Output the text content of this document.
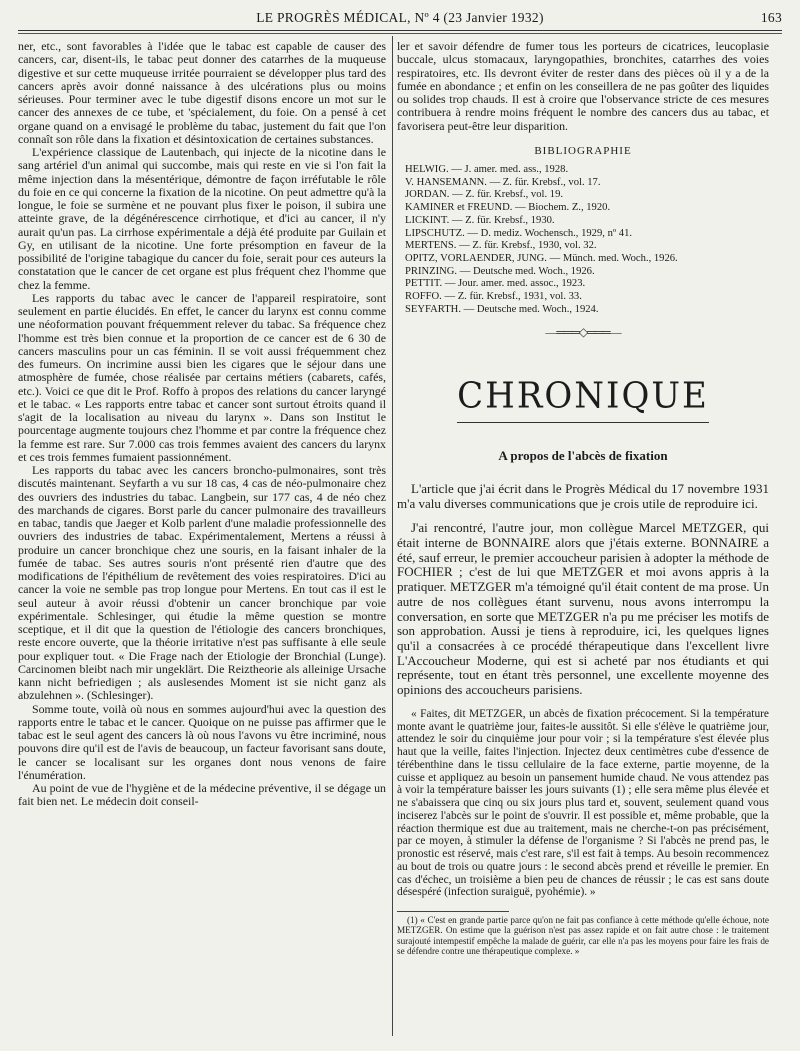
LE PROGRÈS MÉDICAL, Nº 4 (23 Janvier 1932)	163

ner, etc., sont favorables à l'idée que le tabac est capable de causer des cancers, car, disent-ils, le tabac peut donner des catarrhes de la muqueuse digestive et sur cette muqueuse irritée pourraient se développer plus tard des cancers après avoir donné naissance à des ulcérations plus ou moins sérieuses. Pour terminer avec le tube digestif disons encore un mot sur le cancer des annexes de ce tube, et 'spécialement, du foie. On a pensé à cet organe quand on a envisagé le problème du tabac, justement du fait que l'on connaît son rôle dans la fixation et désintoxication de certaines substances.

L'expérience classique de Lautenbach, qui injecte de la nicotine dans le sang artériel d'un animal qui succombe, mais qui reste en vie si l'on fait la même injection dans la mésentérique, démontre de façon irréfutable le rôle du foie en ce qui concerne la fixation de la nicotine. On peut admettre qu'à la longue, le foie se surmène et ne pouvant plus fixer le poison, il subira une atteinte grave, de la dégénérescence cirrhotique, et d'ici au cancer, il n'y aurait qu'un pas. La cirrhose expérimentale a déjà été produite par Guilain et Gy, en utilisant de la nicotine. Une forte présomption en faveur de la possibilité de l'origine tabagique du cancer du foie, serait pour ces auteurs la constatation que le cancer de cet organe est plus fréquent chez l'homme que chez la femme.

Les rapports du tabac avec le cancer de l'appareil respiratoire, sont seulement en partie élucidés. En effet, le cancer du larynx est connu comme une néoformation pouvant fréquemment relever du tabac. Sa fréquence chez l'homme est très bien connue et la proportion de ce cancer est de 6 30 de cancers masculins pour un cas féminin. Il se voit aussi fréquemment chez des fumeurs. On incrimine aussi bien les cigares que le séjour dans une atmosphère de fumée, chose réalisée par certains métiers (cabarets, cafés, etc.). Voici ce que dit le Prof. Roffo à propos des relations du cancer laryngé et le tabac. « Les rapports entre tabac et cancer sont surtout étroits quand il s'agit de la localisation au niveau du larynx ». Dans son Institut le pourcentage augmente toujours chez l'homme et par contre la fréquence chez la femme est rare. Sur 7.000 cas trois femmes avaient des cancers du larynx et ces trois femmes fumaient passionnément.

Les rapports du tabac avec les cancers broncho-pulmonaires, sont très discutés maintenant. Seyfarth a vu sur 18 cas, 4 cas de néo-pulmonaire chez des ouvriers des industries du tabac. Langbein, sur 177 cas, 4 de néo chez des marchands de cigares. Borst parle du cancer pulmonaire des travailleurs en tabac, tandis que Jaeger et Kolb parlent d'une maladie professionnelle des ouvriers des industries de tabac. Expérimentalement, Mertens a réussi à produire un cancer bronchique chez une souris, en la faisant inhaler de la fumée de tabac. Ses autres souris n'ont présenté rien d'autre que des modifications de l'épithélium de revêtement des voies respiratoires. D'ici au cancer la voie ne semble pas trop longue pour Mertens. En tout cas il est le seul auteur à avoir réussi d'obtenir un cancer bronchique par voie expérimentale. Schlesinger, qui étudie la même question se montre sceptique, et il dit que la question de l'étiologie des cancers bronchiques, reste encore ouverte, que la théorie irritative n'est pas suffisante à elle seule pour expliquer tout. « Die Frage nach der Etiologie der Bronchial (Lunge). Carcinomen bleibt nach mir ungeklärt. Die Reiztheorie als alleinige Ursache kann nicht befriedigen ; als auslesendes Moment ist sie nicht ganz als abzulehnen ». (Schlesinger).

Somme toute, voilà où nous en sommes aujourd'hui avec la question des rapports entre le tabac et le cancer. Quoique on ne puisse pas affirmer que le tabac est le seul agent des cancers là où nous l'avons vu être incriminé, nous pouvons dire qu'il est de l'avis de beaucoup, un facteur favorisant sans doute, le cancer se localisant sur les organes dont nous venons de faire l'énumération.

Au point de vue de l'hygiène et de la médecine préventive, il se dégage un fait bien net. Le médecin doit conseil-

ler et savoir défendre de fumer tous les porteurs de cicatrices, leucoplasie buccale, ulcus stomacaux, laryngopathies, bronchites, catarrhes des voies respiratoires, etc. Ils devront éviter de rester dans des pièces où il y a de la fumée en abondance ; et enfin on les conseillera de ne pas goûter des liquides ou solides trop chauds. Il est à croire que l'observance stricte de ces mesures contribuera à rendre moins fréquent le nombre des cancers dus au tabac, et favorisera peut-être leur disparition.

BIBLIOGRAPHIE
HELWIG. — J. amer. med. ass., 1928.
V. HANSEMANN. — Z. für. Krebsf., vol. 17.
JORDAN. — Z. für. Krebsf., vol. 19.
KAMINER et FREUND. — Biochem. Z., 1920.
LICKINT. — Z. für. Krebsf., 1930.
LIPSCHUTZ. — D. mediz. Wochensch., 1929, nº 41.
MERTENS. — Z. für. Krebsf., 1930, vol. 32.
OPITZ, VORLAENDER, JUNG. — Münch. med. Woch., 1926.
PRINZING. — Deutsche med. Woch., 1926.
PETTIT. — Jour. amer. med. assoc., 1923.
ROFFO. — Z. für. Krebsf., 1931, vol. 33.
SEYFARTH. — Deutsche med. Woch., 1924.
—═══◇═══—
CHRONIQUE
A propos de l'abcès de fixation

L'article que j'ai écrit dans le Progrès Médical du 17 novembre 1931 m'a valu diverses communications que je crois utile de reproduire ici.

J'ai rencontré, l'autre jour, mon collègue Marcel METZGER, qui était interne de BONNAIRE alors que j'étais externe. BONNAIRE a été, sauf erreur, le premier accoucheur parisien à adopter la méthode de FOCHIER ; c'est de lui que METZGER et moi avons appris à la pratiquer. METZGER m'a témoigné qu'il était content de ma prose. Un autre de nos collègues étant survenu, nous avons interrompu la conversation, en sorte que METZGER n'a pu me préciser les motifs de son approbation. Aussi je tiens à reproduire, ici, les quelques lignes qu'il a consacrées à ce procédé thérapeutique dans l'excellent livre L'Accoucheur Moderne, qui est si acheté par nos étudiants et qui représente, tout en étant très personnel, une excellente moyenne des opinions des accoucheurs parisiens.

« Faites, dit METZGER, un abcès de fixation précocement. Si la température monte avant le quatrième jour, faites-le aussitôt. Si elle s'élève le quatrième jour, attendez le soir du cinquième jour pour voir ; si la température s'est élevée plus haut que la veille, faites l'injection. Injectez deux centimètres cube d'essence de térébenthine dans le tissu cellulaire de la face externe, partie moyenne, de la cuisse et appliquez au besoin un pansement humide chaud. Ne vous attendez pas à voir la température baisser les jours suivants (1) ; elle sera même plus élevée et ne s'abaissera que cinq ou six jours plus tard et, souvent, seulement quand vous inciserez l'abcès sur le point de s'ouvrir. Il est possible et, même probable, que la réaction thermique est due au traitement, mais ne cherche-t-on pas précisément, par ce moyen, à stimuler la défense de l'organisme ? Si l'abcès ne prend pas, le pronostic est réservé, mais c'est rare, s'il est fait à temps. Au besoin recommencez au bout de trois ou quatre jours : le second abcès prend et réveille le premier. En cas d'échec, un troisième a bien peu de chances de réussir ; le cas est sans doute désespéré (infection suraiguë, pyohémie). »
(1) « C'est en grande partie parce qu'on ne fait pas confiance à cette méthode qu'elle échoue, note METZGER. On estime que la guérison n'est pas assez rapide et on fait autre chose : le traitement surajouté intempestif empêche la malade de guérir, car elle n'a pas les moyens pour faire les frais de se défendre contre une thérapeutique complexe. »
